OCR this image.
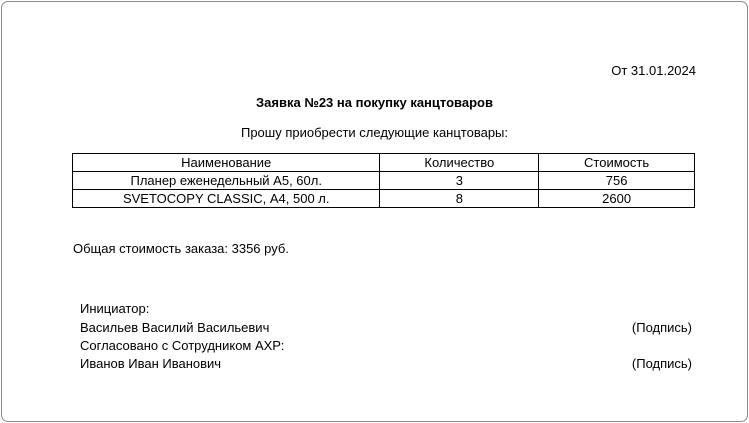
От 31.01.2024
Заявка №23 на покупку канцтоваров
Прошу приобрести следующие канцтовары:
Наименование	Количество	Стоимость
Планер еженедельный А5, 60л.	3	756
SVETOCOPY CLASSIC, А4, 500 л.	8	2600
Общая стоимость заказа: 3356 руб.
Инициатор:
Васильев Василий Васильевич	(Подпись)
Согласовано с Сотрудником АХР:
Иванов Иван Иванович	(Подпись)
